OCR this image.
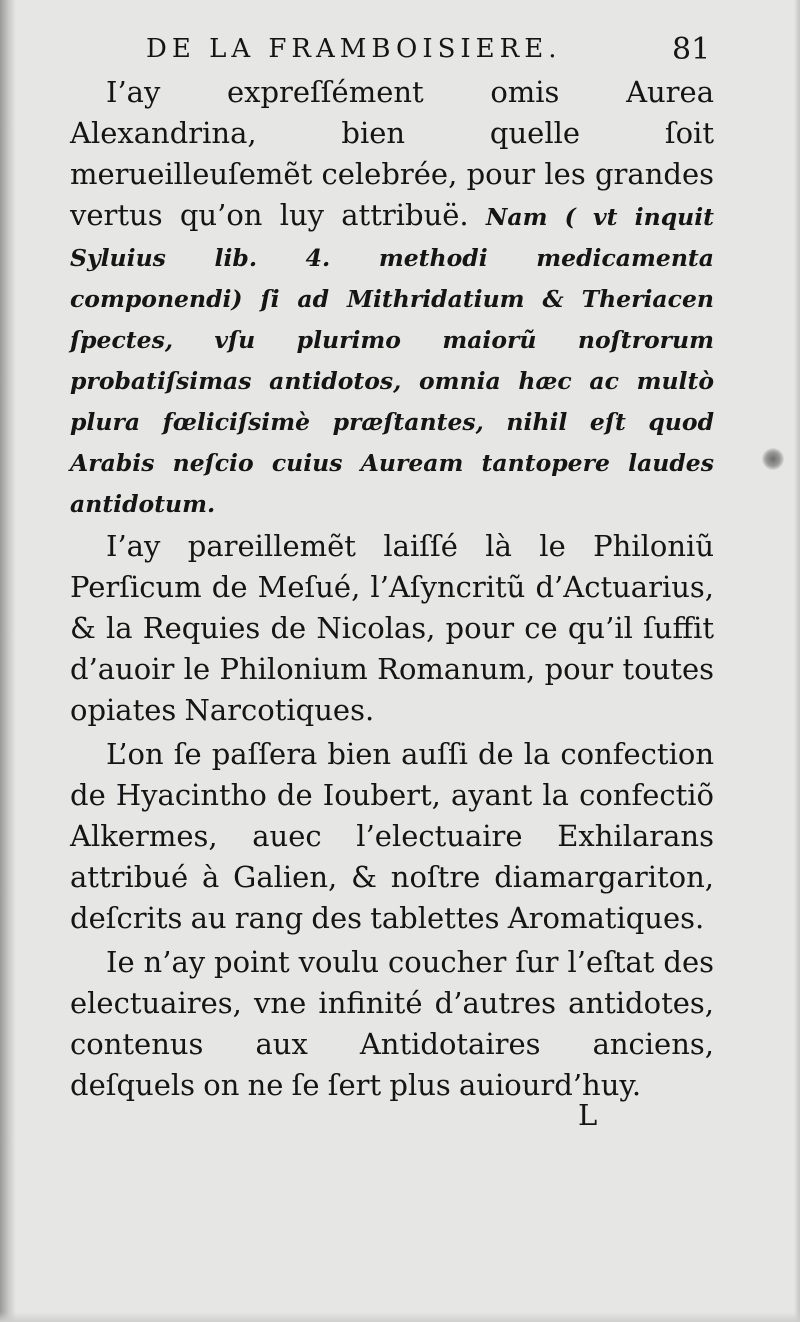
DE LA FRAMBOISIERE.	81

I’ay expreſſément omis Aurea Alexandrina, bien quelle ſoit merueilleuſemẽt celebrée, pour les grandes vertus qu’on luy attribuë. Nam ( vt inquit Syluius lib. 4. methodi medicamenta componendi) ſi ad Mithridatium & Theriacen ſpectes, vſu plurimo maiorũ noſtrorum probatiſsimas antidotos, omnia hæc ac multò plura fœliciſsimè præſtantes, nihil eſt quod Arabis neſcio cuius Auream tantopere laudes antidotum.

I’ay pareillemẽt laiſſé là le Philoniũ Perſicum de Meſué, l’Aſyncritũ d’Actuarius, & la Requies de Nicolas, pour ce qu’il ſuffit d’auoir le Philonium Romanum, pour toutes opiates Narcotiques.

L’on ſe paſſera bien auſſi de la confection de Hyacintho de Ioubert, ayant la confectiõ Alkermes, auec l’electuaire Exhilarans attribué à Galien, & noſtre diamargariton, deſcrits au rang des tablettes Aromatiques.

Ie n’ay point voulu coucher ſur l’eſtat des electuaires, vne infinité d’autres antidotes, contenus aux Antidotaires anciens, deſquels on ne ſe ſert plus auiourd’huy.

L
